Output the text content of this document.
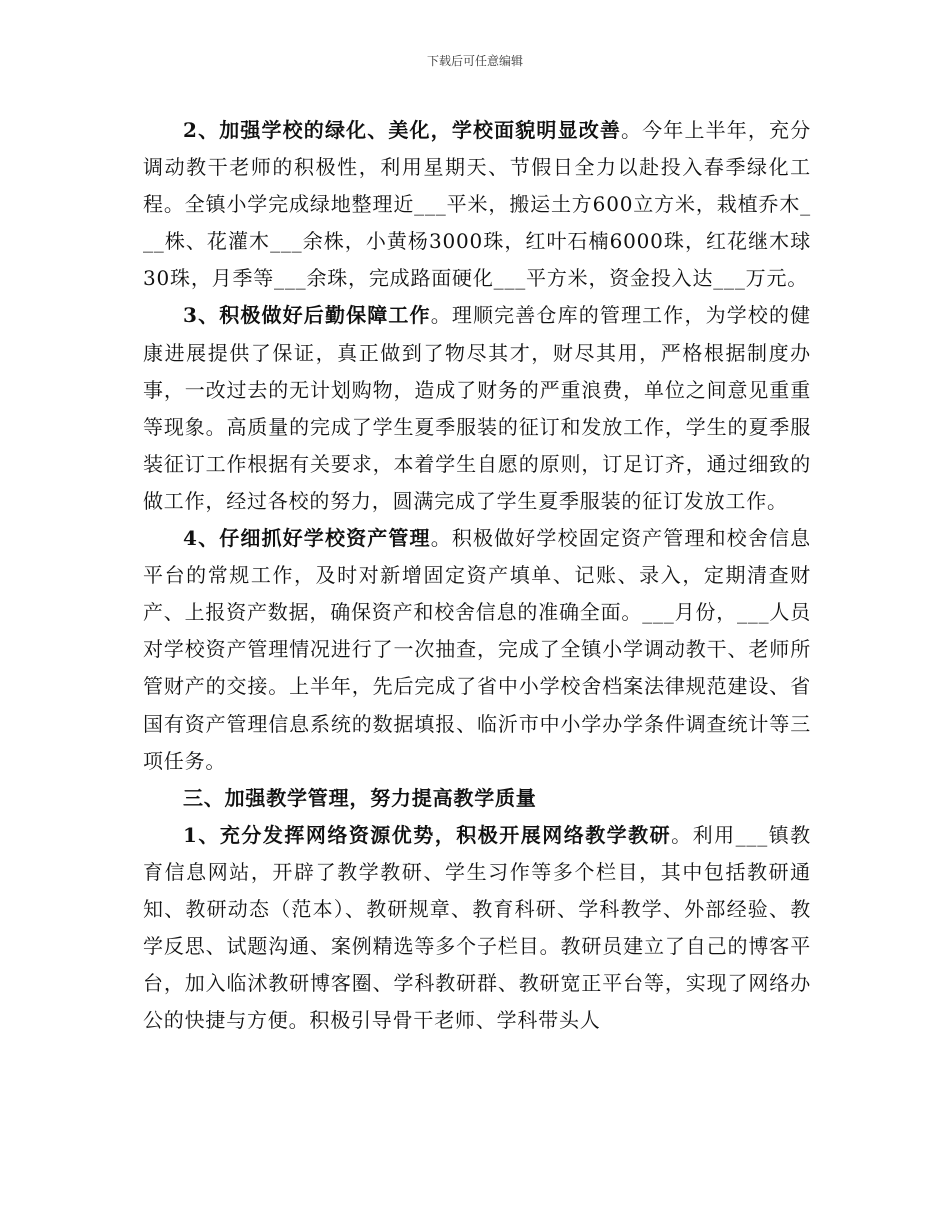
下载后可任意编辑

2、加强学校的绿化、美化，学校面貌明显改善。今年上半年，充分调动教干老师的积极性，利用星期天、节假日全力以赴投入春季绿化工程。全镇小学完成绿地整理近___平米，搬运土方600立方米，栽植乔木___株、花灌木___余株，小黄杨3000珠，红叶石楠6000珠，红花继木球30珠，月季等___余珠，完成路面硬化___平方米，资金投入达___万元。

3、积极做好后勤保障工作。理顺完善仓库的管理工作，为学校的健康进展提供了保证，真正做到了物尽其才，财尽其用，严格根据制度办事，一改过去的无计划购物，造成了财务的严重浪费，单位之间意见重重等现象。高质量的完成了学生夏季服装的征订和发放工作，学生的夏季服装征订工作根据有关要求，本着学生自愿的原则，订足订齐，通过细致的做工作，经过各校的努力，圆满完成了学生夏季服装的征订发放工作。

4、仔细抓好学校资产管理。积极做好学校固定资产管理和校舍信息平台的常规工作，及时对新增固定资产填单、记账、录入，定期清查财产、上报资产数据，确保资产和校舍信息的准确全面。___月份，___人员对学校资产管理情况进行了一次抽查，完成了全镇小学调动教干、老师所管财产的交接。上半年，先后完成了省中小学校舍档案法律规范建设、省国有资产管理信息系统的数据填报、临沂市中小学办学条件调查统计等三项任务。

三、加强教学管理，努力提高教学质量

1、充分发挥网络资源优势，积极开展网络教学教研。利用___镇教育信息网站，开辟了教学教研、学生习作等多个栏目，其中包括教研通知、教研动态（范本）、教研规章、教育科研、学科教学、外部经验、教学反思、试题沟通、案例精选等多个子栏目。教研员建立了自己的博客平台，加入临沭教研博客圈、学科教研群、教研宽正平台等，实现了网络办公的快捷与方便。积极引导骨干老师、学科带头人
